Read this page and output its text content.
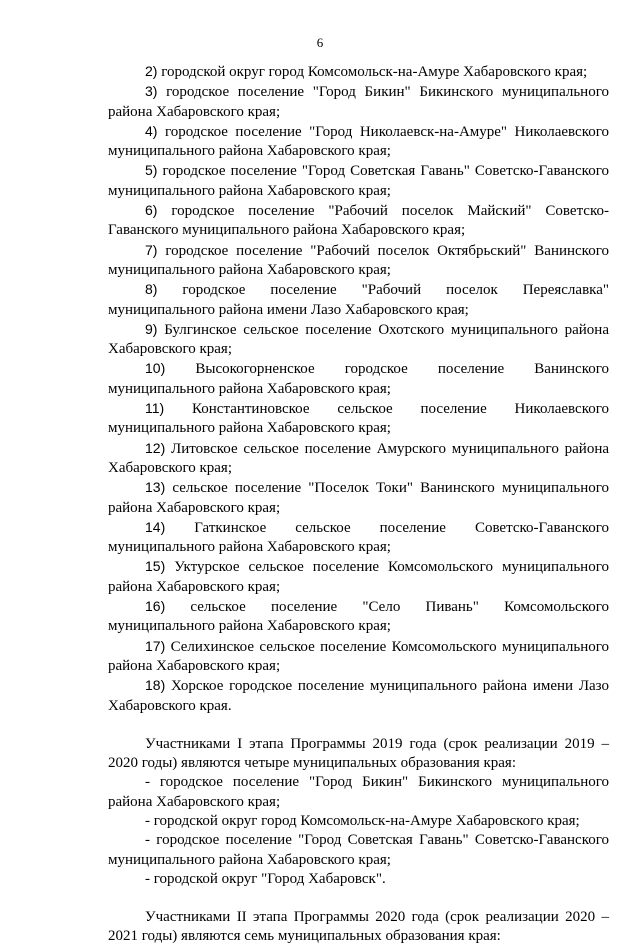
6

2) городской округ город Комсомольск-на-Амуре Хабаровского края;

3) городское поселение "Город Бикин" Бикинского муниципального района Хабаровского края;

4) городское поселение "Город Николаевск-на-Амуре" Николаевского муниципального района Хабаровского края;

5) городское поселение "Город Советская Гавань" Советско-Гаванского муниципального района Хабаровского края;

6) городское поселение "Рабочий поселок Майский" Советско-Гаванского муниципального района Хабаровского края;

7) городское поселение "Рабочий поселок Октябрьский" Ванинского муниципального района Хабаровского края;

8) городское поселение "Рабочий поселок Переяславка" муниципального района имени Лазо Хабаровского края;

9) Булгинское сельское поселение Охотского муниципального района Хабаровского края;

10) Высокогорненское городское поселение Ванинского муниципального района Хабаровского края;

11) Константиновское сельское поселение Николаевского муниципального района Хабаровского края;

12) Литовское сельское поселение Амурского муниципального района Хабаровского края;

13) сельское поселение "Поселок Токи" Ванинского муниципального района Хабаровского края;

14) Гаткинское сельское поселение Советско-Гаванского муниципального района Хабаровского края;

15) Уктурское сельское поселение Комсомольского муниципального района Хабаровского края;

16) сельское поселение "Село Пивань" Комсомольского муниципального района Хабаровского края;

17) Селихинское сельское поселение Комсомольского муниципального района Хабаровского края;

18) Хорское городское поселение муниципального района имени Лазо Хабаровского края.

Участниками I этапа Программы 2019 года (срок реализации 2019 – 2020 годы) являются четыре муниципальных образования края:

- городское поселение "Город Бикин" Бикинского муниципального района Хабаровского края;

- городской округ город Комсомольск-на-Амуре Хабаровского края;

- городское поселение "Город Советская Гавань" Советско-Гаванского муниципального района Хабаровского края;

- городской округ "Город Хабаровск".

Участниками II этапа Программы 2020 года (срок реализации 2020 – 2021 годы) являются семь муниципальных образования края:
